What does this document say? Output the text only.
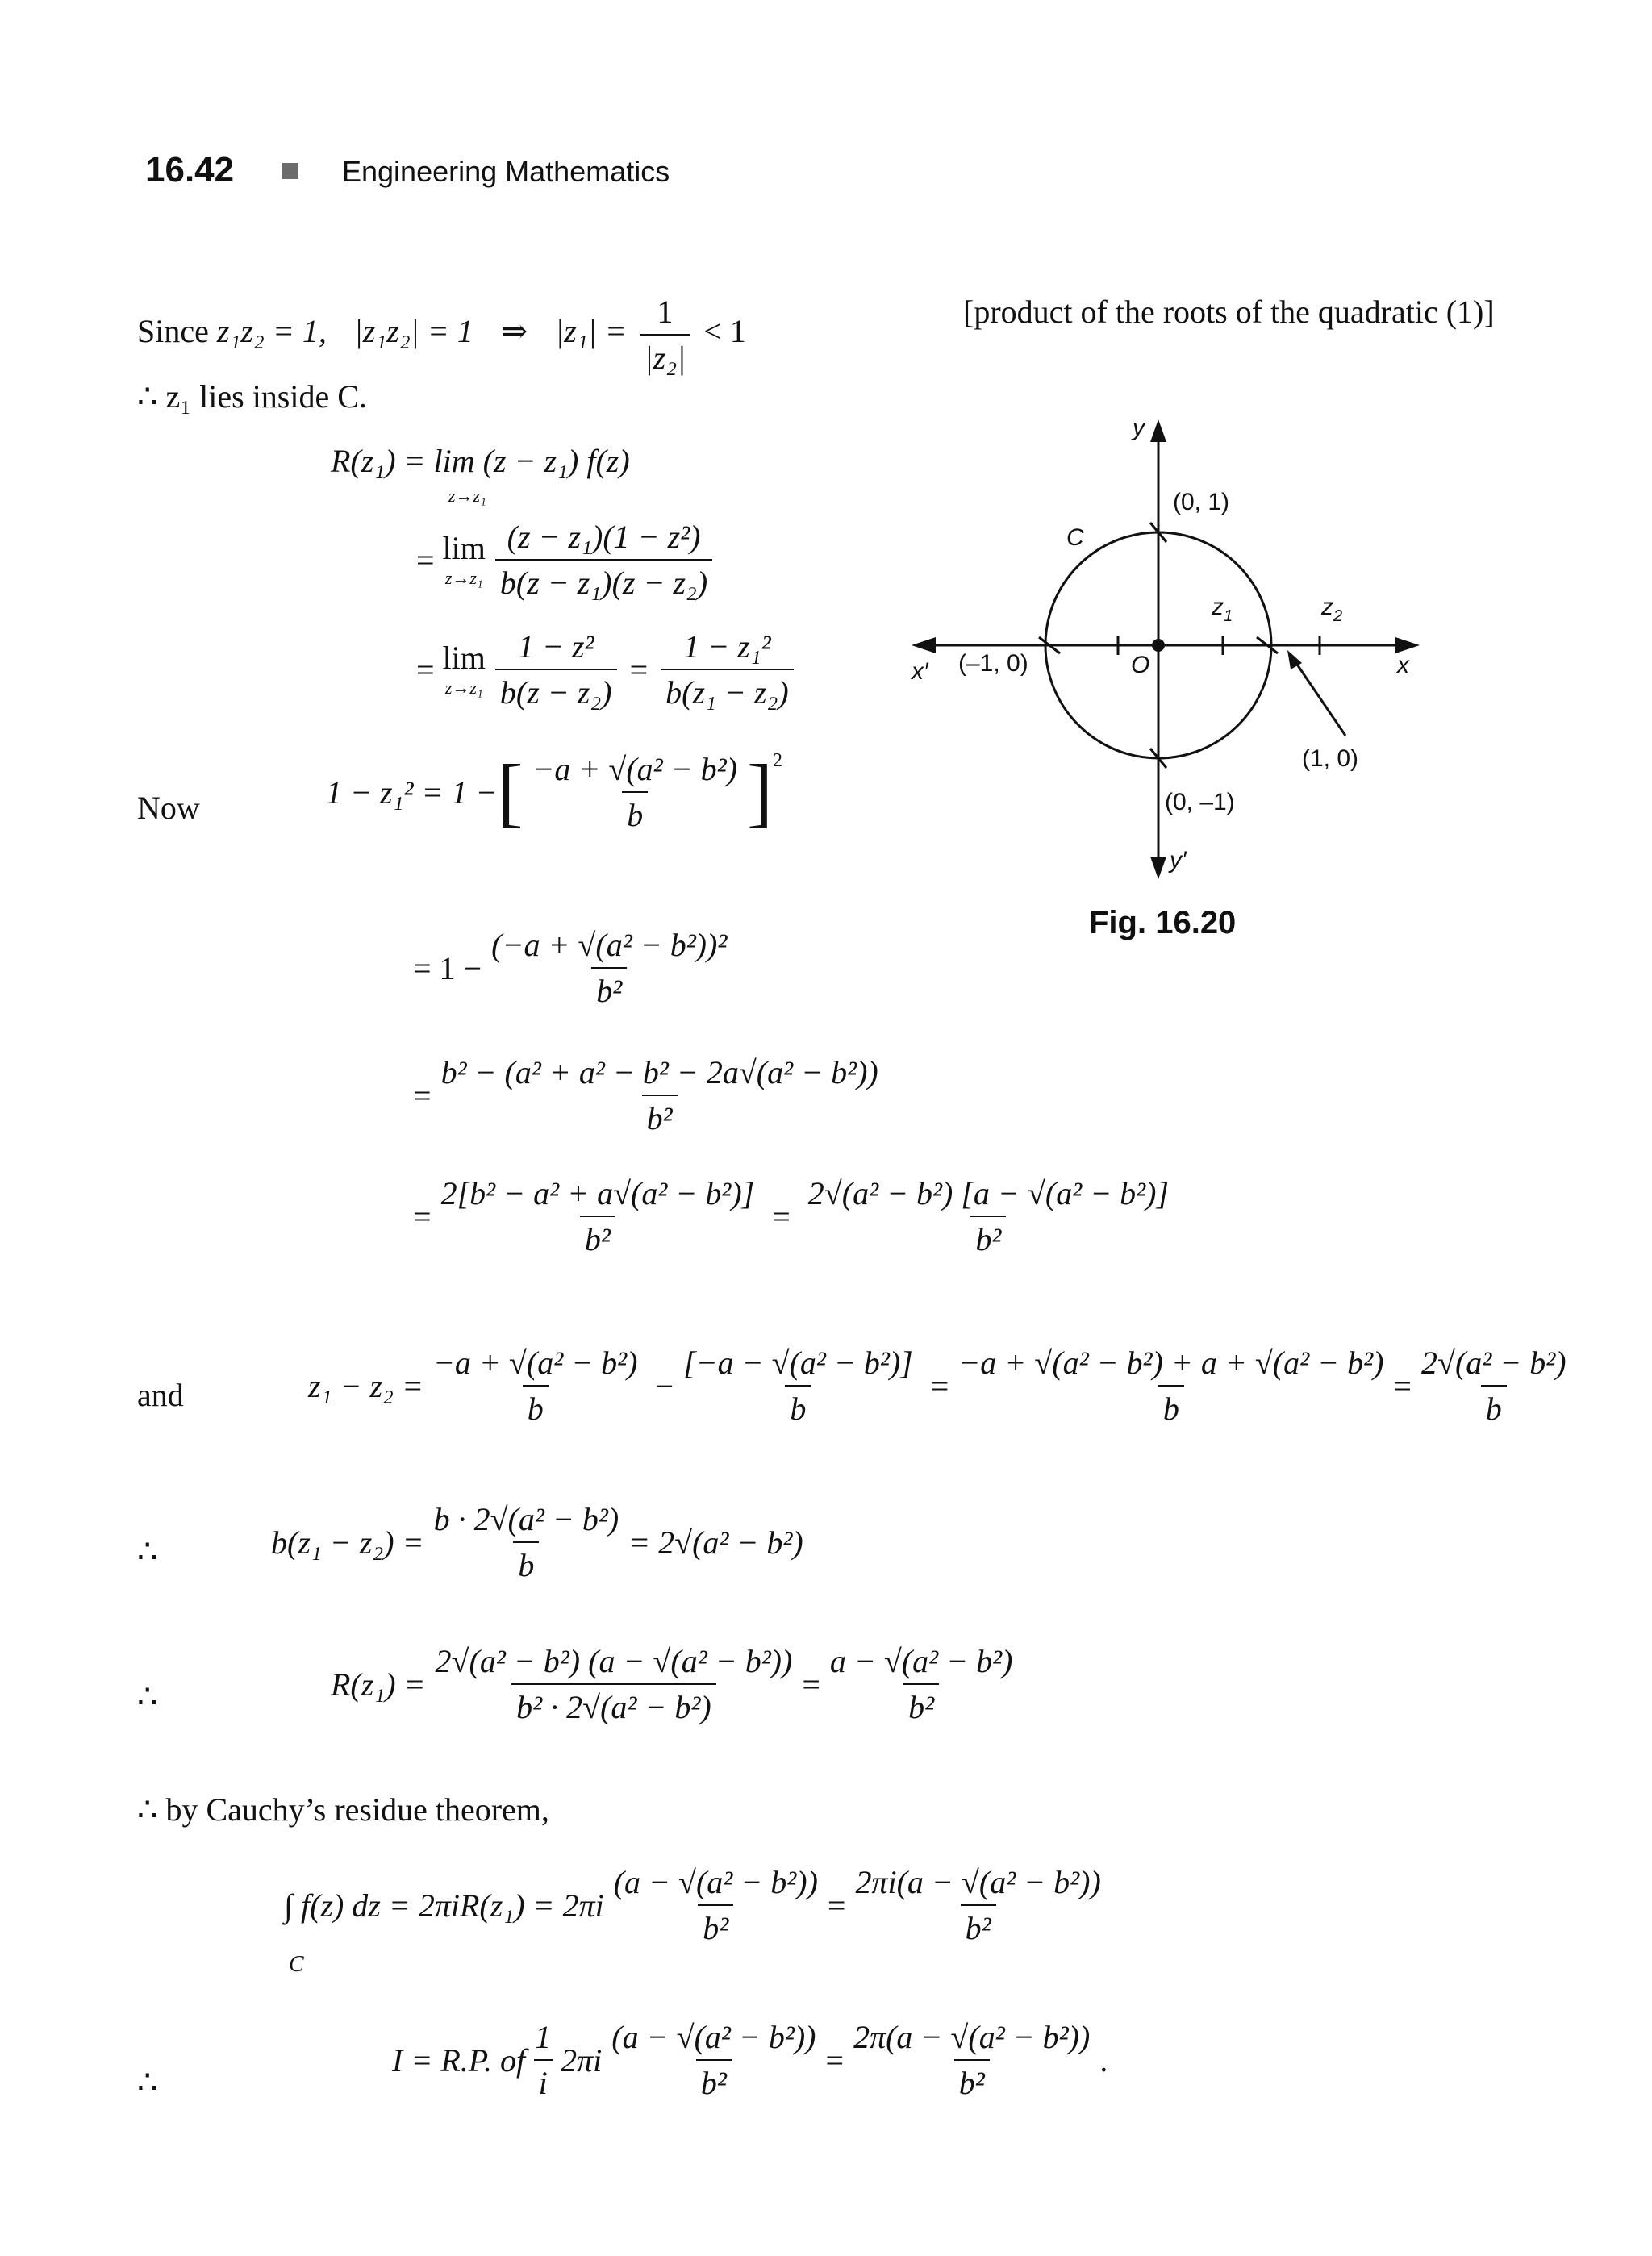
16.42	Engineering Mathematics
Since z₁z₂ = 1, |z₁z₂| = 1 ⇒ $|z_1| = \frac{1}{\text{|z₂|}} < 1$
[product of the roots of the quadratic (1)]
∴ z₁ lies inside C.
R(z₁) = lim (z − z₁) f(z)
z→z₁
= lim
$z\to z_1 \frac{\text{(z − z₁)(1 − z²)}}{\text{b(z − z₁)(z − z₂)}}$
= lim
$z\to z_1 \frac{\text{1 − z²}}{\text{b(z − z₂)}} = \frac{\text{1 − z₁²}}{\text{b(z₁ − z₂)}}$
Now	1 − z₁² = 1 − [ $\frac{\text{−a + √(a² − b²)}}{b}$ ] 2
= $1 - \frac{\text{(−a + √(a² − b²))²}}{\text{b²}}$
= $\frac{\text{b² − (a² + a² − b² − 2a√(a² − b²))}}{\text{b²}}$
= $\frac{\text{2[b² − a² + a√(a² − b²)]}}{\text{b²}} = \frac{\text{2√(a² − b²) [a − √(a² − b²)]}}{\text{b²}}$
and	$z_1 - z_2 = \frac{\text{−a + √(a² − b²)}}{b} - \frac{\text{[−a − √(a² − b²)]}}{b} = \frac{\text{−a + √(a² − b²) + a + √(a² − b²)}}{b} = \frac{\text{2√(a² − b²)}}{b}$
∴	$b(z_1 - z_2) = \frac{\text{b · 2√(a² − b²)}}{b} = 2√(a^2 - b^2)$
∴	$R(z_1) = \frac{\text{2√(a² − b²) (a − √(a² − b²))}}{\text{b² · 2√(a² − b²)}} = \frac{\text{a − √(a² − b²)}}{\text{b²}}$
∴ by Cauchy’s residue theorem,
∫ f(z) dz = $2\pi iR(z_1) = 2\pi i \frac{\text{(a − √(a² − b²))}}{\text{b²}} = \frac{\text{2πi(a − √(a² − b²))}}{\text{b²}}$
C
∴
I = R.P. of $\frac{1}{i} 2\pi i \frac{\text{(a − √(a² − b²))}}{\text{b²}} = \frac{\text{2π(a − √(a² − b²))}}{\text{b²}}$ .
y
(0, 1)
C
$z_1$	$z_2$
x′ (–1, 0)	O	x
(1, 0)
(0, –1)
y′
Fig. 16.20
